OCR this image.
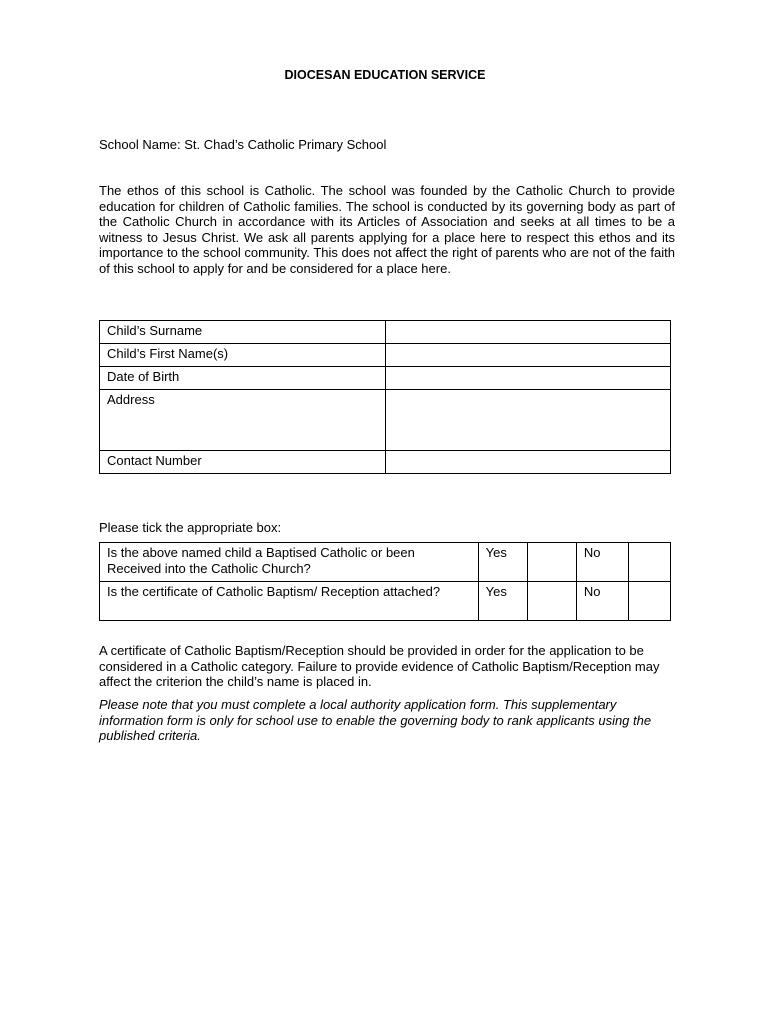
DIOCESAN EDUCATION SERVICE
School Name: St. Chad’s Catholic Primary School

The ethos of this school is Catholic. The school was founded by the Catholic Church to provide education for children of Catholic families. The school is conducted by its governing body as part of the Catholic Church in accordance with its Articles of Association and seeks at all times to be a witness to Jesus Christ. We ask all parents applying for a place here to respect this ethos and its importance to the school community. This does not affect the right of parents who are not of the faith of this school to apply for and be considered for a place here.

Child’s Surname	
Child’s First Name(s)	
Date of Birth	
Address	
Contact Number	
Please tick the appropriate box:
Is the above named child a Baptised Catholic or been Received into the Catholic Church?	Yes		No	
Is the certificate of Catholic Baptism/ Reception attached?	Yes		No	

A certificate of Catholic Baptism/Reception should be provided in order for the application to be considered in a Catholic category. Failure to provide evidence of Catholic Baptism/Reception may affect the criterion the child’s name is placed in.

Please note that you must complete a local authority application form. This supplementary information form is only for school use to enable the governing body to rank applicants using the published criteria.
